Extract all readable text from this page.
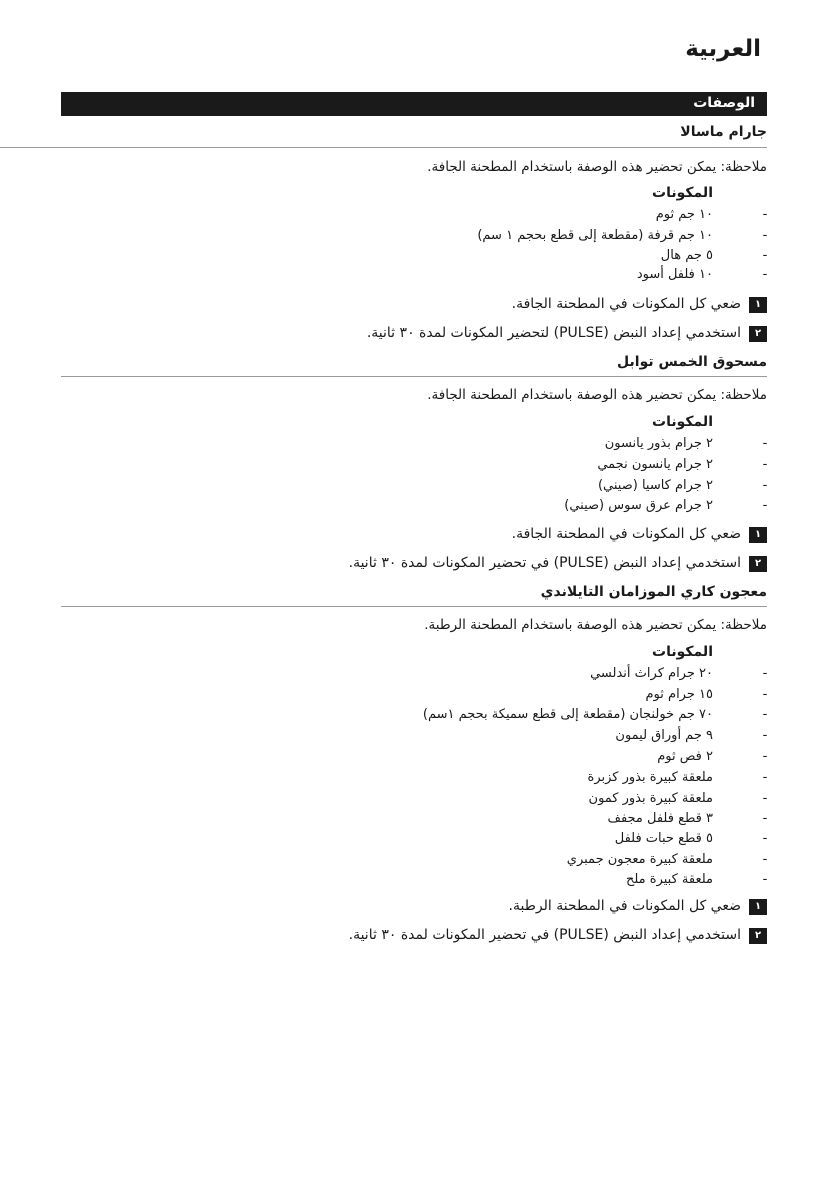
العربية
الوصفات
جارام ماسالا
ملاحظة: يمكن تحضير هذه الوصفة باستخدام المطحنة الجافة.
المكونات
-
١٠ جم ثوم
-
١٠ جم قرفة (مقطعة إلى قطع بحجم ١ سم)
-
٥ جم هال
-
١٠ فلفل أسود
١
ضعي كل المكونات في المطحنة الجافة.
٢
استخدمي إعداد النبض (PULSE) لتحضير المكونات لمدة ٣٠ ثانية.
مسحوق الخمس توابل
ملاحظة: يمكن تحضير هذه الوصفة باستخدام المطحنة الجافة.
المكونات
-
٢ جرام بذور يانسون
-
٢ جرام يانسون نجمي
-
٢ جرام كاسيا (صيني)
-
٢ جرام عرق سوس (صيني)
١
ضعي كل المكونات في المطحنة الجافة.
٢
استخدمي إعداد النبض (PULSE) في تحضير المكونات لمدة ٣٠ ثانية.
معجون كاري الموزامان التايلاندي
ملاحظة: يمكن تحضير هذه الوصفة باستخدام المطحنة الرطبة.
المكونات
-
٢٠ جرام كراث أندلسي
-
١٥ جرام ثوم
-
٧٠ جم خولنجان (مقطعة إلى قطع سميكة بحجم ١سم)
-
٩ جم أوراق ليمون
-
٢ فص ثوم
-
ملعقة كبيرة بذور كزبرة
-
ملعقة كبيرة بذور كمون
-
٣ قطع فلفل مجفف
-
٥ قطع حبات فلفل
-
ملعقة كبيرة معجون جمبري
-
ملعقة كبيرة ملح
١
ضعي كل المكونات في المطحنة الرطبة.
٢
استخدمي إعداد النبض (PULSE) في تحضير المكونات لمدة ٣٠ ثانية.
